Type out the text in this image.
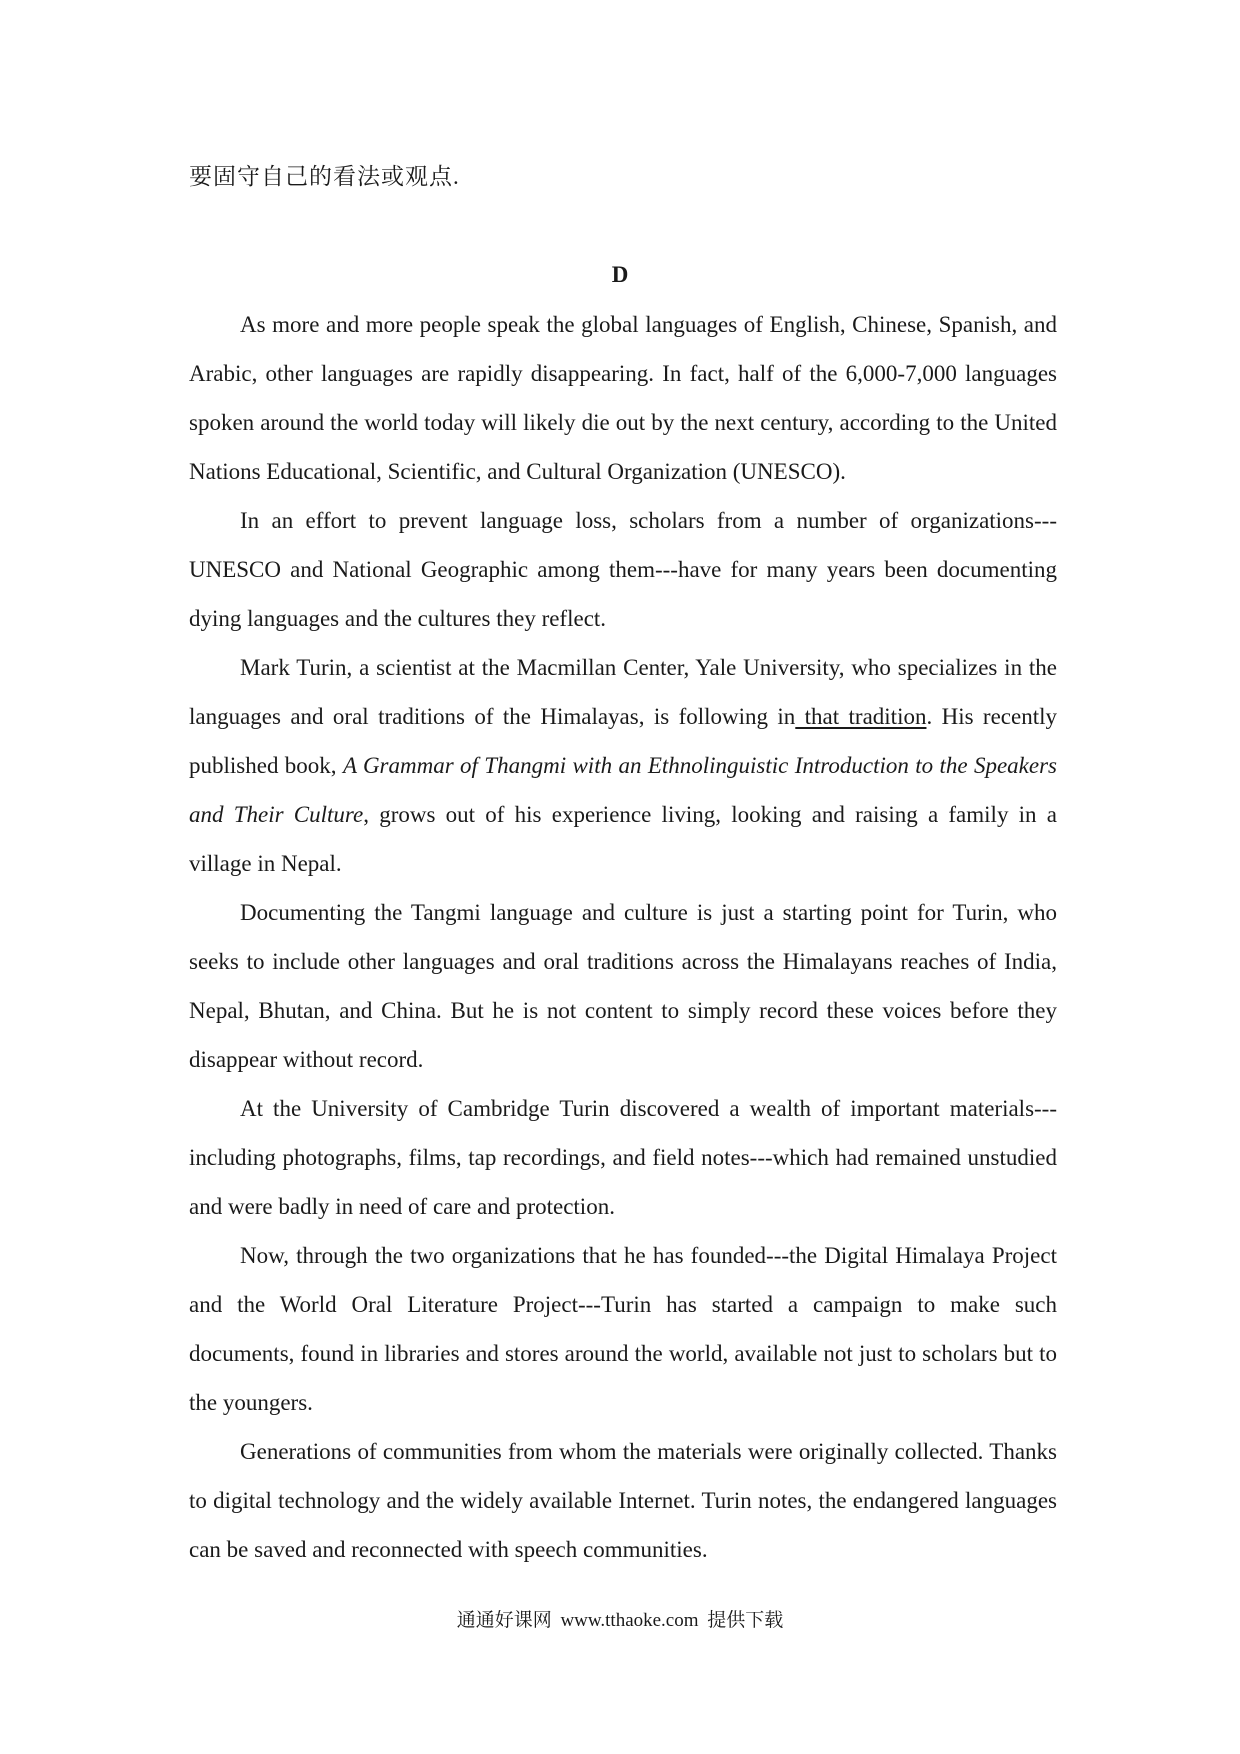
要固守自己的看法或观点.

D

As more and more people speak the global languages of English, Chinese, Spanish, and Arabic, other languages are rapidly disappearing. In fact, half of the 6,000-7,000 languages spoken around the world today will likely die out by the next century, according to the United Nations Educational, Scientific, and Cultural Organization (UNESCO).

In an effort to prevent language loss, scholars from a number of organizations---UNESCO and National Geographic among them---have for many years been documenting dying languages and the cultures they reflect.

Mark Turin, a scientist at the Macmillan Center, Yale University, who specializes in the languages and oral traditions of the Himalayas, is following in that tradition. His recently published book, A Grammar of Thangmi with an Ethnolinguistic Introduction to the Speakers and Their Culture, grows out of his experience living, looking and raising a family in a village in Nepal.

Documenting the Tangmi language and culture is just a starting point for Turin, who seeks to include other languages and oral traditions across the Himalayans reaches of India, Nepal, Bhutan, and China. But he is not content to simply record these voices before they disappear without record.

At the University of Cambridge Turin discovered a wealth of important materials---including photographs, films, tap recordings, and field notes---which had remained unstudied and were badly in need of care and protection.

Now, through the two organizations that he has founded---the Digital Himalaya Project and the World Oral Literature Project---Turin has started a campaign to make such documents, found in libraries and stores around the world, available not just to scholars but to the youngers.

Generations of communities from whom the materials were originally collected. Thanks to digital technology and the widely available Internet. Turin notes, the endangered languages can be saved and reconnected with speech communities.

通通好课网 www.tthaoke.com 提供下载
